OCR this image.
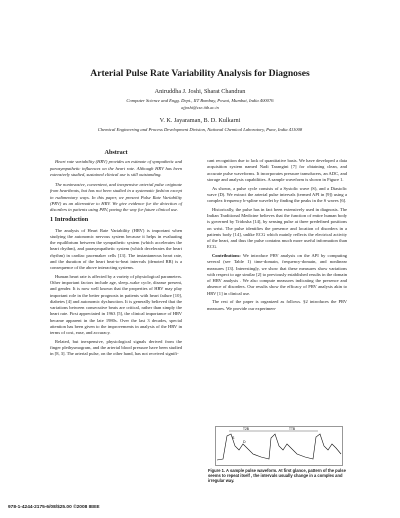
Arterial Pulse Rate Variability Analysis for Diagnoses
Aniruddha J. Joshi, Sharat Chandran
Computer Science and Engg. Dept., IIT Bombay, Powai, Mumbai, India 400076
ajjoshi@cse.iitb.ac.in
V. K. Jayaraman, B. D. Kulkarni
Chemical Engineering and Process Development Division, National Chemical Laboratory, Pune, India 411008
Abstract
Heart rate variability (HRV) provides an estimate of sympathetic and parasympathetic influences on the heart rate. Although HRV has been extensively studied, sustained clinical use is still outstanding.
The noninvasive, convenient, and inexpensive arterial pulse originate from heartbeats, but has not been studied in a systematic fashion except in rudimentary ways. In this paper, we present Pulse Rate Variability (PRV) as an alternative to HRV. We give evidence for the detection of disorders in patients using PRV, paving the way for future clinical use.
1 Introduction

The analysis of Heart Rate Variability (HRV) is important when studying the autonomic nervous system because it helps in evaluating the equilibrium between the sympathetic system (which accelerates the heart rhythm), and parasympathetic system (which decelerates the heart rhythm) in cardiac pacemaker cells [13]. The instantaneous heart rate, and the duration of the heart beat-to-beat intervals (denoted RR) is a consequence of the above interacting systems.

Human heart rate is affected by a variety of physiological parameters. Other important factors include age, sleep–wake cycle, disease present, and gender. It is now well known that the properties of HRV may play important role in the better prognosis in patients with heart failure [10], diabetes [4] and autonomic dysfunction. It is generally believed that the variations between consecutive beats are critical, rather than simply the heart rate. First appreciated in 1963 [5], the clinical importance of HRV became apparent in the late 1980s. Over the last 3 decades, special attention has been given to the improvements in analysis of the HRV in terms of cost, ease, and accuracy.

Related, but inexpensive, physiological signals derived from the finger plethysmogram, and the arterial blood pressure have been studied in [8, 3]. The arterial pulse, on the other hand, has not received signifi-

cant recognition due to lack of quantitative basis. We have developed a data acquisition system named Nadi Tarangini [7] for obtaining clean, and accurate pulse waveforms. It incorporates pressure transducers, an ADC, and storage and analysis capabilities. A sample waveform is shown in Figure 1.

As shown, a pulse cycle consists of a Systolic wave (S), and a Diastolic wave (D). We extract the arterial pulse intervals (termed API in [9]) using a complex frequency b-spline wavelet by finding the peaks in the S waves [6].

Historically, the pulse has in fact been extensively used in diagnosis. The Indian Traditional Medicine believes that the function of entire human body is governed by Tridosha [14], by sensing pulse at three predefined positions on wrist. The pulse identifies the presence and location of disorders in a patients body [14], unlike ECG which mainly reflects the electrical activity of the heart, and thus the pulse contains much more useful information than ECG.

Contributions: We introduce PRV analysis on the API by computing several (see Table 1) time-domain, frequency-domain, and nonlinear measures [13]. Interestingly, we show that these measures show variations with respect to age similar [2] to previously established results in the domain of HRV analysis . We also compute measures indicating the presence and absence of disorders. Our results show the efficacy of PRV analysis akin to HRV [1] in clinical use.

The rest of the paper is organized as follows. §2 introduces the PRV measures. We provide our experimen-

T2B	TTB
S
D
Figure 1. A sample pulse waveform. At first glance, pattern of the pulse seems to repeat itself , the intervals usually change in a complex and irregular way.
978-1-4244-2175-6/08/$25.00 ©2008 IEEE
